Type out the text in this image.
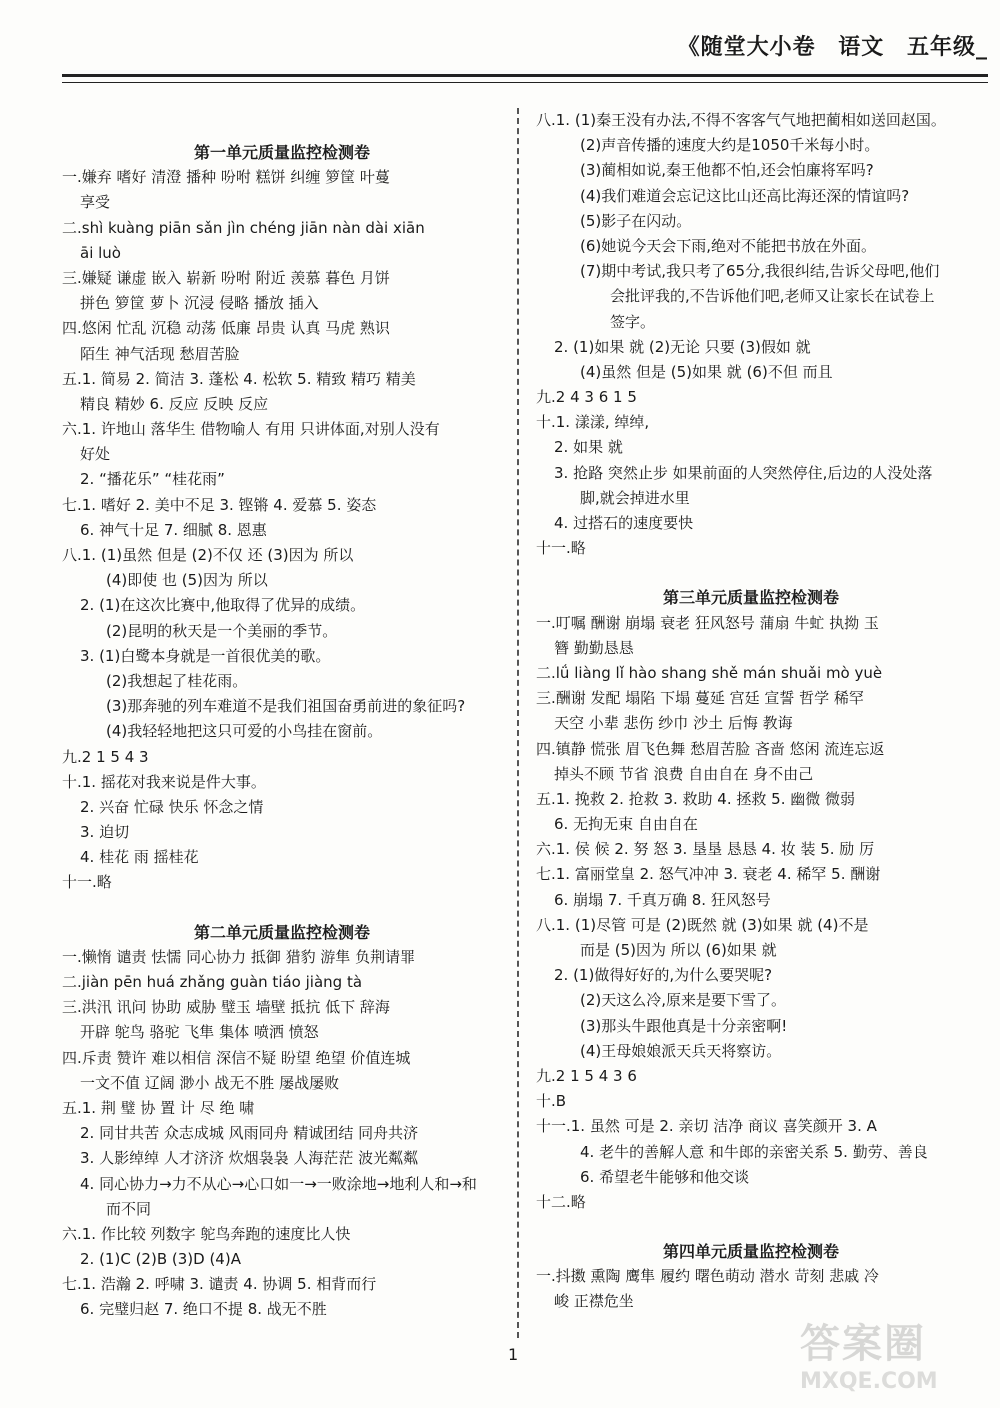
《随堂大小卷 语文 五年级_
第一单元质量监控检测卷
一.嫌弃 嗜好 清澄 播种 吩咐 糕饼 纠缠 箩筐 叶蔓
享受
二.shì kuàng piān sǎn jìn chéng jiān nàn dài xiān
āi luò
三.嫌疑 谦虚 嵌入 崭新 吩咐 附近 羡慕 暮色 月饼
拼色 箩筐 萝卜 沉浸 侵略 播放 插入
四.悠闲 忙乱 沉稳 动荡 低廉 昂贵 认真 马虎 熟识
陌生 神气活现 愁眉苦脸
五.1. 简易 2. 简洁 3. 蓬松 4. 松软 5. 精致 精巧 精美
精良 精妙 6. 反应 反映 反应
六.1. 许地山 落华生 借物喻人 有用 只讲体面,对别人没有
好处
2. “播花乐” “桂花雨”
七.1. 嗜好 2. 美中不足 3. 铿锵 4. 爱慕 5. 姿态
6. 神气十足 7. 细腻 8. 恩惠
八.1. (1)虽然 但是 (2)不仅 还 (3)因为 所以
(4)即使 也 (5)因为 所以
2. (1)在这次比赛中,他取得了优异的成绩。
(2)昆明的秋天是一个美丽的季节。
3. (1)白鹭本身就是一首很优美的歌。
(2)我想起了桂花雨。
(3)那奔驰的列车难道不是我们祖国奋勇前进的象征吗?
(4)我轻轻地把这只可爱的小鸟挂在窗前。
九.2 1 5 4 3
十.1. 摇花对我来说是件大事。
2. 兴奋 忙碌 快乐 怀念之情
3. 迫切
4. 桂花 雨 摇桂花
十一.略
第二单元质量监控检测卷
一.懒惰 谴责 怯懦 同心协力 抵御 猎豹 游隼 负荆请罪
二.jiàn pēn huá zhǎng guàn tiáo jiàng tà
三.洪汛 讯问 协助 威胁 璧玉 墙壁 抵抗 低下 辞海
开辟 鸵鸟 骆驼 飞隼 集体 喷洒 愤怒
四.斥责 赞许 难以相信 深信不疑 盼望 绝望 价值连城
一文不值 辽阔 渺小 战无不胜 屡战屡败
五.1. 荆 璧 协 置 计 尽 绝 啸
2. 同甘共苦 众志成城 风雨同舟 精诚团结 同舟共济
3. 人影绰绰 人才济济 炊烟袅袅 人海茫茫 波光粼粼
4. 同心协力→力不从心→心口如一→一败涂地→地利人和→和
而不同
六.1. 作比较 列数字 鸵鸟奔跑的速度比人快
2. (1)C (2)B (3)D (4)A
七.1. 浩瀚 2. 呼啸 3. 谴责 4. 协调 5. 相背而行
6. 完璧归赵 7. 绝口不提 8. 战无不胜
八.1. (1)秦王没有办法,不得不客客气气地把蔺相如送回赵国。
(2)声音传播的速度大约是1050千米每小时。
(3)蔺相如说,秦王他都不怕,还会怕廉将军吗?
(4)我们难道会忘记这比山还高比海还深的情谊吗?
(5)影子在闪动。
(6)她说今天会下雨,绝对不能把书放在外面。
(7)期中考试,我只考了65分,我很纠结,告诉父母吧,他们
会批评我的,不告诉他们吧,老师又让家长在试卷上
签字。
2. (1)如果 就 (2)无论 只要 (3)假如 就
(4)虽然 但是 (5)如果 就 (6)不但 而且
九.2 4 3 6 1 5
十.1. 漾漾, 绰绰,
2. 如果 就
3. 抢路 突然止步 如果前面的人突然停住,后边的人没处落
脚,就会掉进水里
4. 过搭石的速度要快
十一.略
第三单元质量监控检测卷
一.叮嘱 酬谢 崩塌 衰老 狂风怒号 蒲扇 牛虻 执拗 玉
簪 勤勤恳恳
二.lǘ liàng lǐ hào shang shě mán shuǎi mò yuè
三.酬谢 发配 塌陷 下塌 蔓延 宫廷 宣誓 哲学 稀罕
天空 小辈 悲伤 纱巾 沙土 后悔 教诲
四.镇静 慌张 眉飞色舞 愁眉苦脸 吝啬 悠闲 流连忘返
掉头不顾 节省 浪费 自由自在 身不由己
五.1. 挽救 2. 抢救 3. 救助 4. 拯救 5. 幽微 微弱
6. 无拘无束 自由自在
六.1. 侯 候 2. 努 怒 3. 垦垦 恳恳 4. 妆 装 5. 励 厉
七.1. 富丽堂皇 2. 怒气冲冲 3. 衰老 4. 稀罕 5. 酬谢
6. 崩塌 7. 千真万确 8. 狂风怒号
八.1. (1)尽管 可是 (2)既然 就 (3)如果 就 (4)不是
而是 (5)因为 所以 (6)如果 就
2. (1)做得好好的,为什么要哭呢?
(2)天这么冷,原来是要下雪了。
(3)那头牛跟他真是十分亲密啊!
(4)王母娘娘派天兵天将察访。
九.2 1 5 4 3 6
十.B
十一.1. 虽然 可是 2. 亲切 洁净 商议 喜笑颜开 3. A
4. 老牛的善解人意 和牛郎的亲密关系 5. 勤劳、善良
6. 希望老牛能够和他交谈
十二.略
第四单元质量监控检测卷
一.抖擞 熏陶 鹰隼 履约 曙色萌动 潜水 苛刻 悲戚 冷
峻 正襟危坐
1	答案圈
MXQE.COM
